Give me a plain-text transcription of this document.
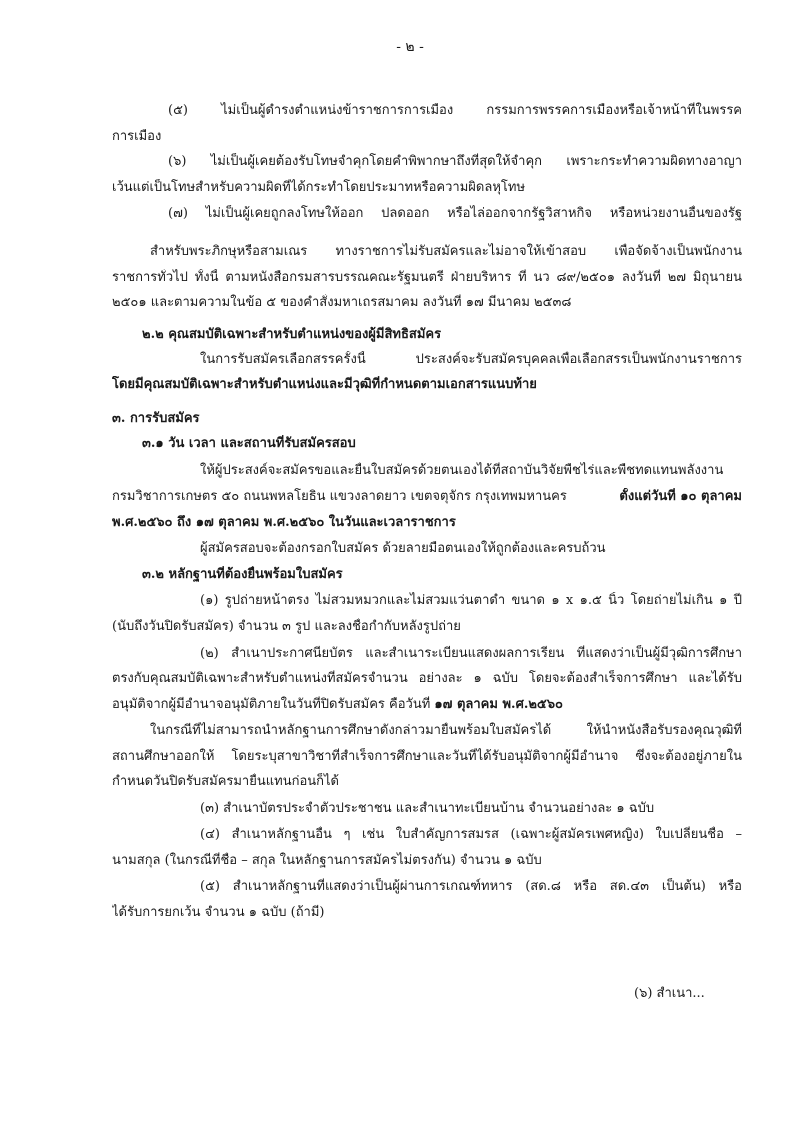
- ๒ -
(๕) ไม่เป็นผู้ดำรงตำแหน่งข้าราชการการเมือง กรรมการพรรคการเมืองหรือเจ้าหน้าที่ในพรรค
การเมือง
(๖) ไม่เป็นผู้เคยต้องรับโทษจำคุกโดยคำพิพากษาถึงที่สุดให้จำคุก เพราะกระทำความผิดทางอาญา
เว้นแต่เป็นโทษสำหรับความผิดที่ได้กระทำโดยประมาทหรือความผิดลหุโทษ
(๗) ไม่เป็นผู้เคยถูกลงโทษให้ออก ปลดออก หรือไล่ออกจากรัฐวิสาหกิจ หรือหน่วยงานอื่นของรัฐ
สำหรับพระภิกษุหรือสามเณร ทางราชการไม่รับสมัครและไม่อาจให้เข้าสอบ เพื่อจัดจ้างเป็นพนักงาน
ราชการทั่วไป ทั้งนี้ ตามหนังสือกรมสารบรรณคณะรัฐมนตรี ฝ่ายบริหาร ที่ นว ๘๙/๒๕๐๑ ลงวันที่ ๒๗ มิถุนายน
๒๕๐๑ และตามความในข้อ ๕ ของคำสั่งมหาเถรสมาคม ลงวันที่ ๑๗ มีนาคม ๒๕๓๘
๒.๒ คุณสมบัติเฉพาะสำหรับตำแหน่งของผู้มีสิทธิสมัคร
ในการรับสมัครเลือกสรรครั้งนี้ ประสงค์จะรับสมัครบุคคลเพื่อเลือกสรรเป็นพนักงานราชการ
โดยมีคุณสมบัติเฉพาะสำหรับตำแหน่งและมีวุฒิที่กำหนดตามเอกสารแนบท้าย
๓. การรับสมัคร
๓.๑ วัน เวลา และสถานที่รับสมัครสอบ
ให้ผู้ประสงค์จะสมัครขอและยื่นใบสมัครด้วยตนเองได้ที่สถาบันวิจัยพืชไร่และพืชทดแทนพลังงาน
กรมวิชาการเกษตร ๕๐ ถนนพหลโยธิน แขวงลาดยาว เขตจตุจักร กรุงเทพมหานคร	ตั้งแต่วันที่ ๑๐ ตุลาคม
พ.ศ.๒๕๖๐ ถึง ๑๗ ตุลาคม พ.ศ.๒๕๖๐ ในวันและเวลาราชการ
ผู้สมัครสอบจะต้องกรอกใบสมัคร ด้วยลายมือตนเองให้ถูกต้องและครบถ้วน
๓.๒ หลักฐานที่ต้องยื่นพร้อมใบสมัคร
(๑) รูปถ่ายหน้าตรง ไม่สวมหมวกและไม่สวมแว่นตาดำ ขนาด ๑ x ๑.๕ นิ้ว โดยถ่ายไม่เกิน ๑ ปี
(นับถึงวันปิดรับสมัคร) จำนวน ๓ รูป และลงชื่อกำกับหลังรูปถ่าย
(๒) สำเนาประกาศนียบัตร และสำเนาระเบียนแสดงผลการเรียน ที่แสดงว่าเป็นผู้มีวุฒิการศึกษา
ตรงกับคุณสมบัติเฉพาะสำหรับตำแหน่งที่สมัครจำนวน อย่างละ ๑ ฉบับ โดยจะต้องสำเร็จการศึกษา และได้รับ
อนุมัติจากผู้มีอำนาจอนุมัติภายในวันที่ปิดรับสมัคร คือวันที่ ๑๗ ตุลาคม พ.ศ.๒๕๖๐
ในกรณีที่ไม่สามารถนำหลักฐานการศึกษาดังกล่าวมายื่นพร้อมใบสมัครได้ ให้นำหนังสือรับรองคุณวุฒิที่
สถานศึกษาออกให้ โดยระบุสาขาวิชาที่สำเร็จการศึกษาและวันที่ได้รับอนุมัติจากผู้มีอำนาจ ซึ่งจะต้องอยู่ภายใน
กำหนดวันปิดรับสมัครมายื่นแทนก่อนก็ได้
(๓) สำเนาบัตรประจำตัวประชาชน และสำเนาทะเบียนบ้าน จำนวนอย่างละ ๑ ฉบับ
(๔) สำเนาหลักฐานอื่น ๆ เช่น ใบสำคัญการสมรส (เฉพาะผู้สมัครเพศหญิง) ใบเปลี่ยนชื่อ –
นามสกุล (ในกรณีที่ชื่อ – สกุล ในหลักฐานการสมัครไม่ตรงกัน) จำนวน ๑ ฉบับ
(๕) สำเนาหลักฐานที่แสดงว่าเป็นผู้ผ่านการเกณฑ์ทหาร (สด.๘ หรือ สด.๔๓ เป็นต้น) หรือ
ได้รับการยกเว้น จำนวน ๑ ฉบับ (ถ้ามี)
(๖) สำเนา...
